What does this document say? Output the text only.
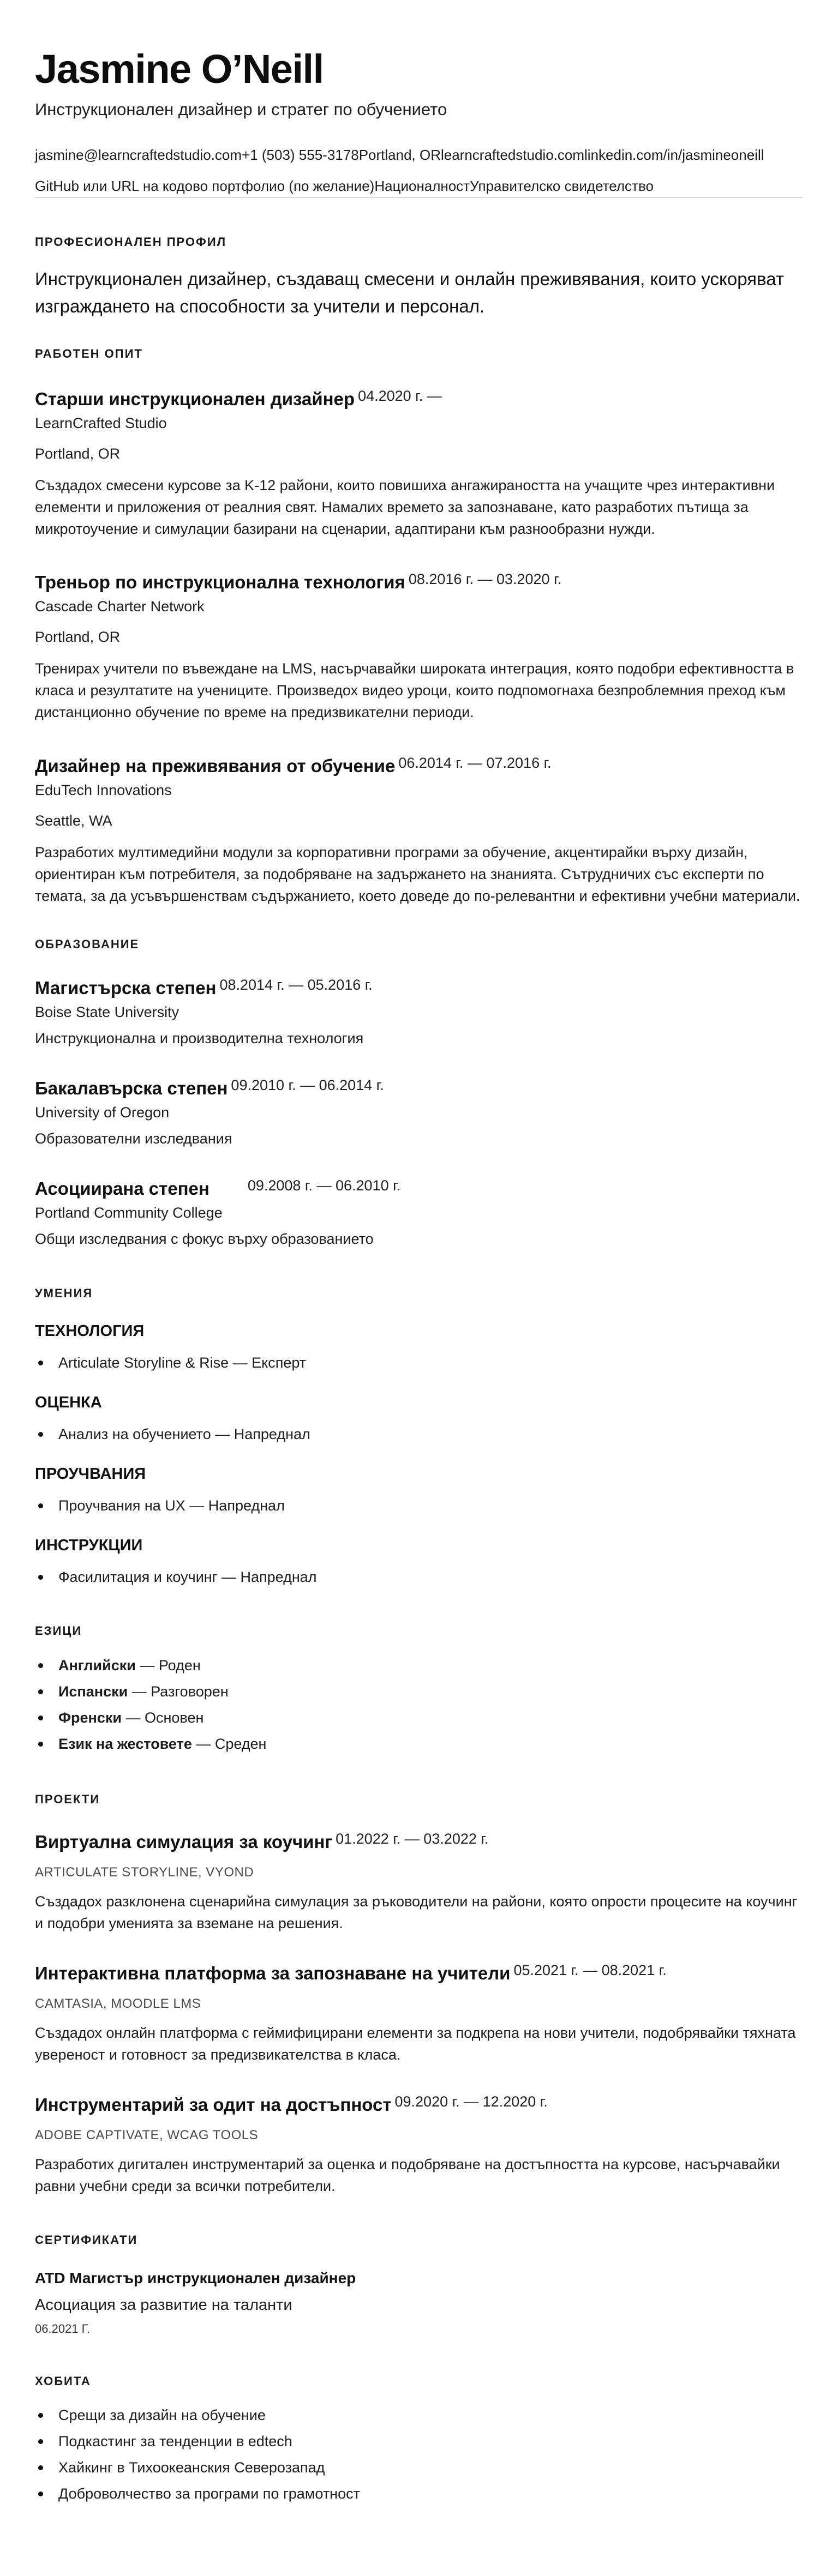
Jasmine O’Neill
Инструкционален дизайнер и стратег по обучението
jasmine@learncraftedstudio.com +1 (503) 555-3178 Portland, OR learncraftedstudio.com linkedin.com/in/jasmineoneill
GitHub или URL на кодово портфолио (по желание) Националност Управителско свидетелство
ПРОФЕСИОНАЛЕН ПРОФИЛ

Инструкционален дизайнер, създаващ смесени и онлайн преживявания, които ускоряват изграждането на способности за учители и персонал.

РАБОТЕН ОПИТ
Старши инструкционален дизайнер $^{04.2020 г. —}$
LearnCrafted Studio
Portland, OR

Създадох смесени курсове за K-12 райони, които повишиха ангажираността на учащите чрез интерактивни елементи и приложения от реалния свят. Намалих времето за запознаване, като разработих пътища за микротоучение и симулации базирани на сценарии, адаптирани към разнообразни нужди.

Треньор по инструкционална технология $^{08.2016 г. — 03.2020 г.}$
Cascade Charter Network
Portland, OR

Тренирах учители по въвеждане на LMS, насърчавайки широката интеграция, която подобри ефективността в класа и резултатите на учениците. Произведох видео уроци, които подпомогнаха безпроблемния преход към дистанционно обучение по време на предизвикателни периоди.

Дизайнер на преживявания от обучение $^{06.2014 г. — 07.2016 г.}$
EduTech Innovations
Seattle, WA

Разработих мултимедийни модули за корпоративни програми за обучение, акцентирайки върху дизайн, ориентиран към потребителя, за подобряване на задържането на знанията. Сътрудничих със експерти по темата, за да усъвършенствам съдържанието, което доведе до по-релевантни и ефективни учебни материали.

ОБРАЗОВАНИЕ
Магистърска степен $^{08.2014 г. — 05.2016 г.}$
Boise State University
Инструкционална и производителна технология
Бакалавърска степен $^{09.2010 г. — 06.2014 г.}$
University of Oregon
Образователни изследвания
Асоциирана степен	$^{09.2008 г. — 06.2010 г.}$
Portland Community College
Общи изследвания с фокус върху образованието
УМЕНИЯ
ТЕХНОЛОГИЯ
Articulate Storyline & Rise — Експерт
ОЦЕНКА
Анализ на обучението — Напреднал
ПРОУЧВАНИЯ
Проучвания на UX — Напреднал
ИНСТРУКЦИИ
Фасилитация и коучинг — Напреднал
ЕЗИЦИ
Английски — Роден
Испански — Разговорен
Френски — Основен
Език на жестовете — Среден
ПРОЕКТИ
Виртуална симулация за коучинг $^{01.2022 г. — 03.2022 г.}$
ARTICULATE STORYLINE, VYOND

Създадох разклонена сценарийна симулация за ръководители на райони, която опрости процесите на коучинг и подобри уменията за вземане на решения.

Интерактивна платформа за запознаване на учители $^{05.2021 г. — 08.2021 г.}$
CAMTASIA, MOODLE LMS

Създадох онлайн платформа с геймифицирани елементи за подкрепа на нови учители, подобрявайки тяхната увереност и готовност за предизвикателства в класа.

Инструментарий за одит на достъпност $^{09.2020 г. — 12.2020 г.}$
ADOBE CAPTIVATE, WCAG TOOLS

Разработих дигитален инструментарий за оценка и подобряване на достъпността на курсове, насърчавайки равни учебни среди за всички потребители.

СЕРТИФИКАТИ
ATD Магистър инструкционален дизайнер
Асоциация за развитие на таланти
06.2021 Г.
ХОБИТА
Срещи за дизайн на обучение
Подкастинг за тенденции в edtech
Хайкинг в Тихоокеанския Северозапад
Доброволчество за програми по грамотност
